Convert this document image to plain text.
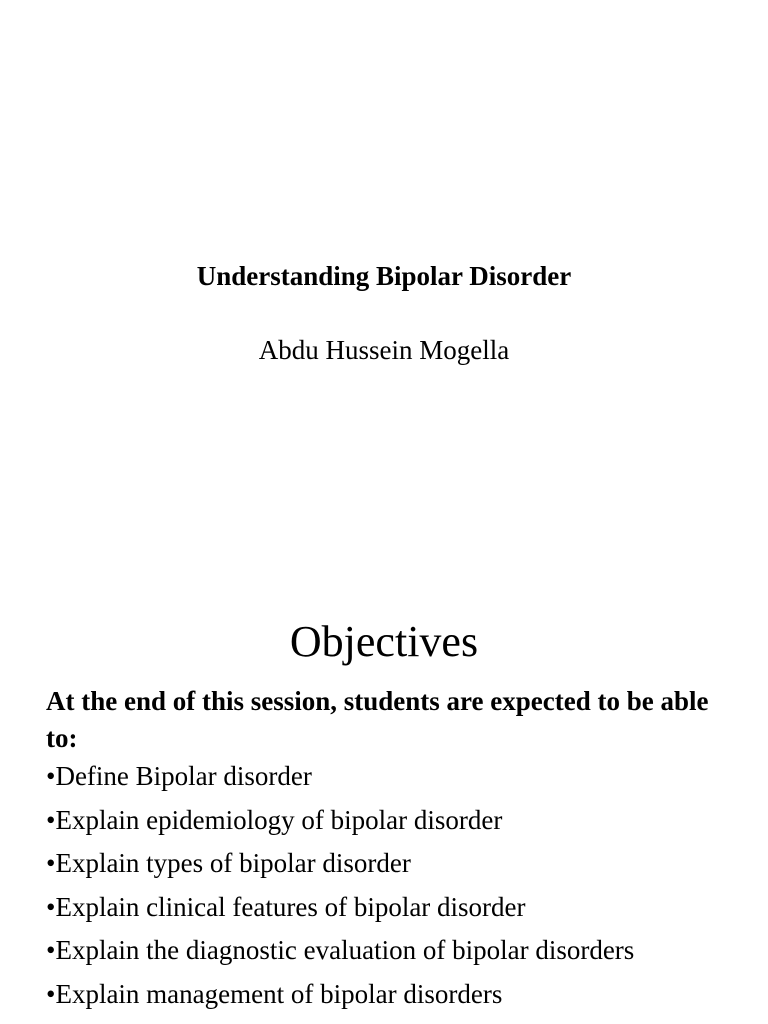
Understanding Bipolar Disorder
Abdu Hussein Mogella
Objectives
At the end of this session, students are expected to be able to:
• Define Bipolar disorder
• Explain epidemiology of bipolar disorder
• Explain types of bipolar disorder
• Explain clinical features of bipolar disorder
• Explain the diagnostic evaluation of bipolar disorders
• Explain management of bipolar disorders
